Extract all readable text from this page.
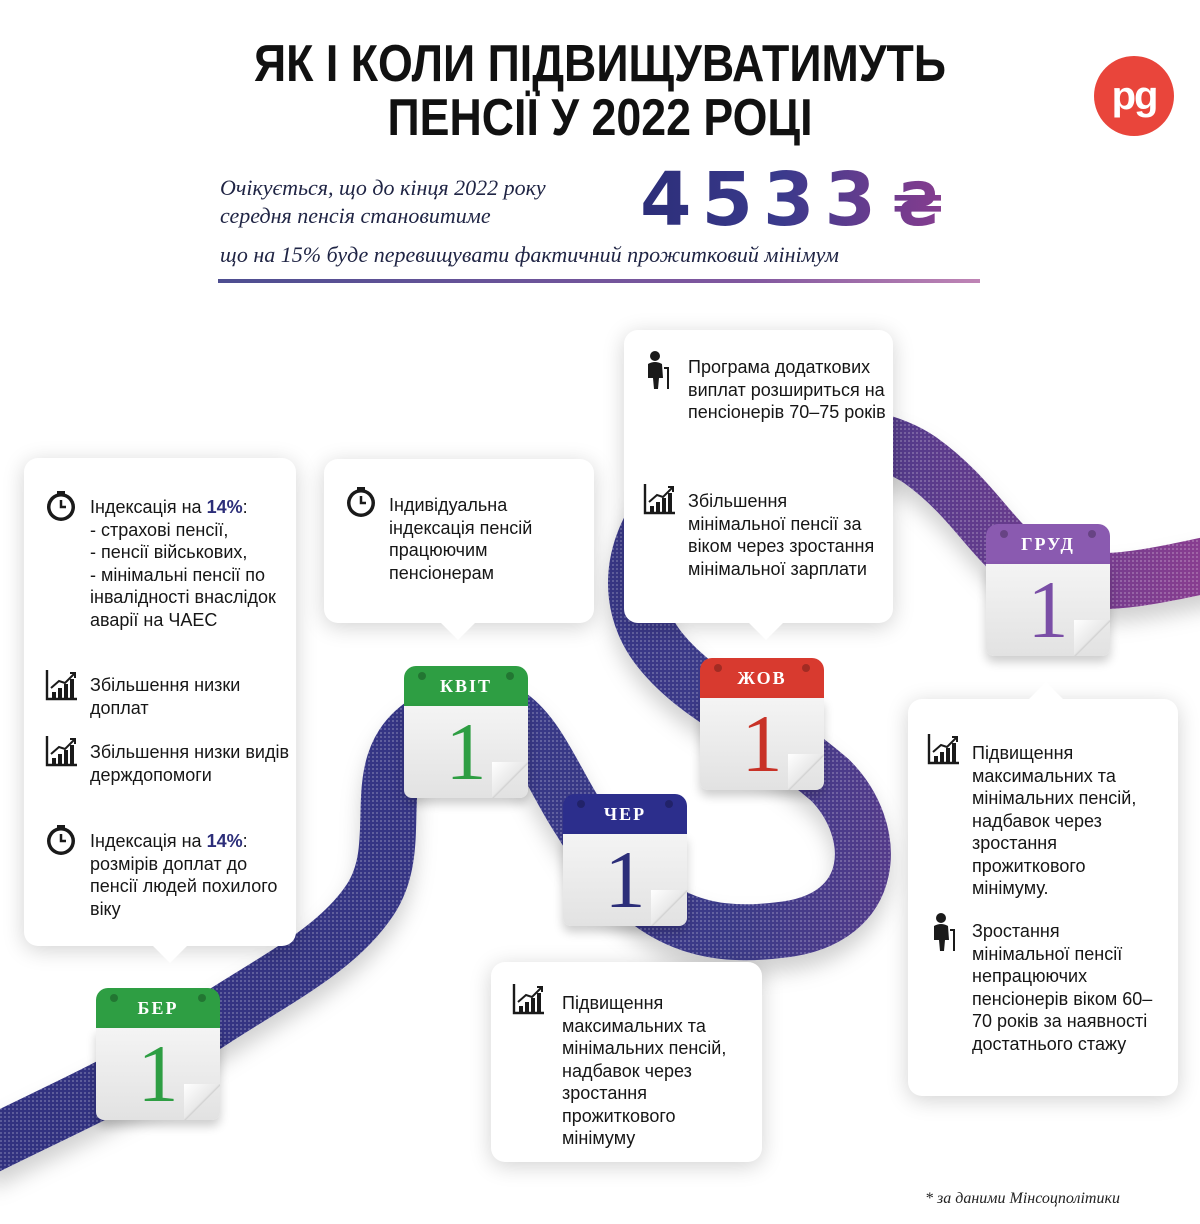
ЯК І КОЛИ ПІДВИЩУВАТИМУТЬ
ПЕНСІЇ У 2022 РОЦІ	pg
Очікується, що до кінця 2022 року
середня пенсія становитиме 4533 ₴
що на 15% буде перевищувати фактичний прожитковий мінімум
Індексація на 14%:
- страхові пенсії,
- пенсії військових,
- мінімальні пенсії по інвалідності внаслідок аварії на ЧАЕС
Збільшення низки доплат
Збільшення низки видів держдопомоги
Індексація на 14%:
розмірів доплат до пенсії людей похилого віку
Індивідуальна індексація пенсій працюючим пенсіонерам
Програма додаткових виплат розшириться на пенсіонерів 70–75 років
Збільшення мінімальної пенсії за віком через зростання мінімальної зарплати
Підвищення максимальних та мінімальних пенсій, надбавок через зростання прожиткового мінімуму
Підвищення максимальних та мінімальних пенсій, надбавок через зростання прожиткового мінімуму.
Зростання мінімальної пенсії непрацюючих пенсіонерів віком 60–70 років за наявності достатнього стажу
БЕР
1
КВІТ
1
ЧЕР
1
ЖОВ
1
ГРУД
1
* за даними Мінсоцполітики
